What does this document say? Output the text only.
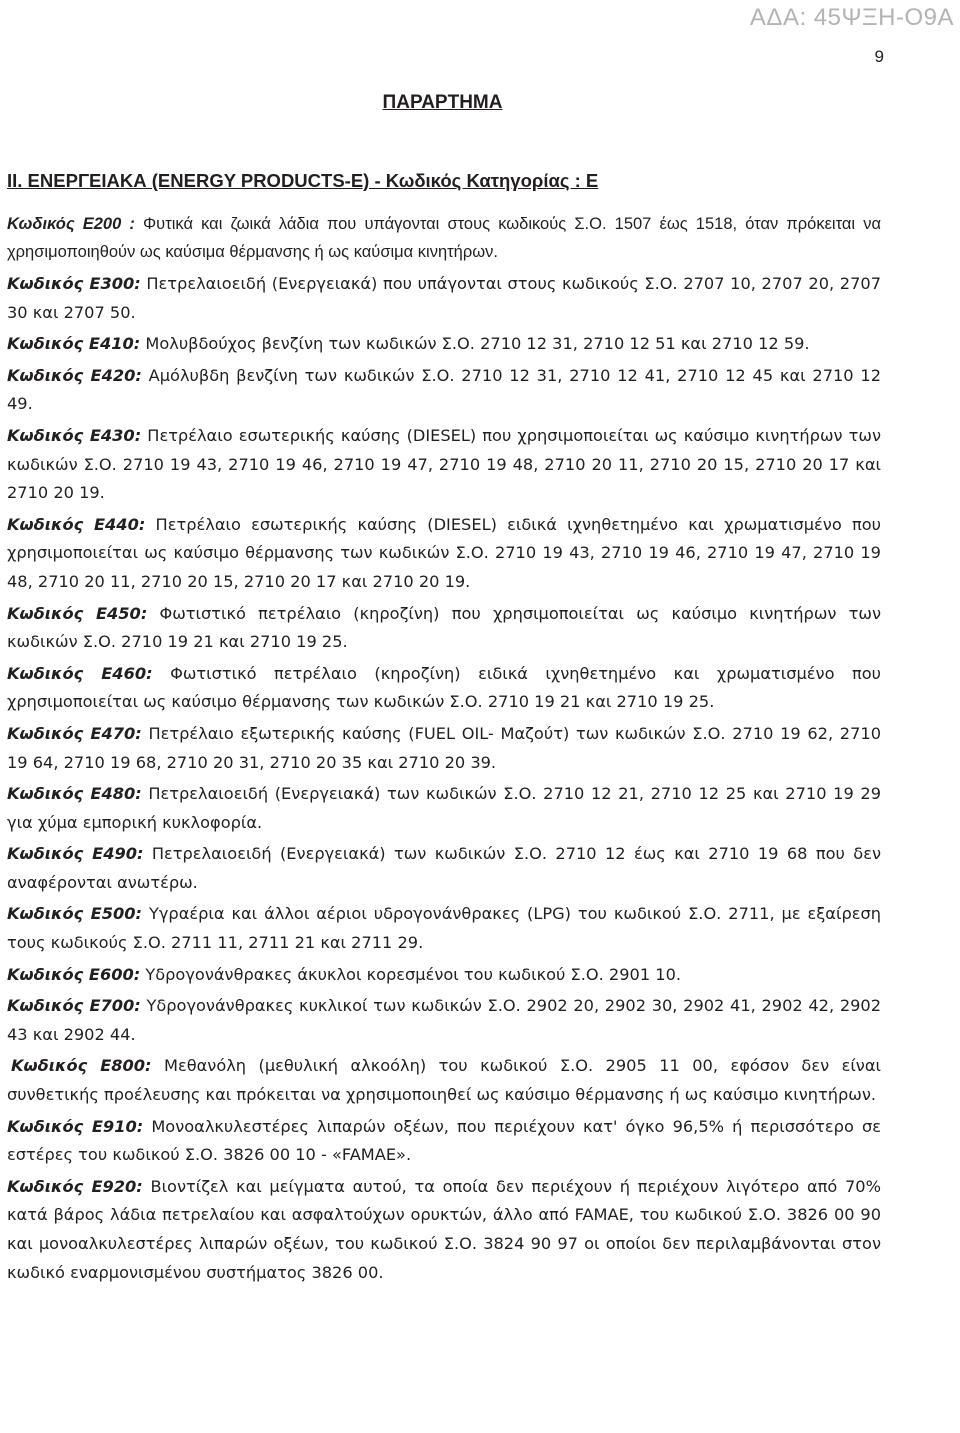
ΑΔΑ: 45ΨΞΗ-Ο9Α
9
ΠΑΡΑΡΤΗΜΑ
ΙΙ. ΕΝΕΡΓΕΙΑΚΑ (ENERGY PRODUCTS-E) - Κωδικός Κατηγορίας : Ε

Κωδικός Ε200 : Φυτικά και ζωικά λάδια που υπάγονται στους κωδικούς Σ.Ο. 1507 έως 1518, όταν πρόκειται να χρησιμοποιηθούν ως καύσιμα θέρμανσης ή ως καύσιμα κινητήρων.

Κωδικός Ε300: Πετρελαιοειδή (Ενεργειακά) που υπάγονται στους κωδικούς Σ.Ο. 2707 10, 2707 20, 2707 30 και 2707 50.

Κωδικός Ε410: Μολυβδούχος βενζίνη των κωδικών Σ.Ο. 2710 12 31, 2710 12 51 και 2710 12 59.

Κωδικός Ε420: Αμόλυβδη βενζίνη των κωδικών Σ.Ο. 2710 12 31, 2710 12 41, 2710 12 45 και 2710 12 49.

Κωδικός Ε430: Πετρέλαιο εσωτερικής καύσης (DIESEL) που χρησιμοποιείται ως καύσιμο κινητήρων των κωδικών Σ.Ο. 2710 19 43, 2710 19 46, 2710 19 47, 2710 19 48, 2710 20 11, 2710 20 15, 2710 20 17 και 2710 20 19.

Κωδικός Ε440: Πετρέλαιο εσωτερικής καύσης (DIESEL) ειδικά ιχνηθετημένο και χρωματισμένο που χρησιμοποιείται ως καύσιμο θέρμανσης των κωδικών Σ.Ο. 2710 19 43, 2710 19 46, 2710 19 47, 2710 19 48, 2710 20 11, 2710 20 15, 2710 20 17 και 2710 20 19.

Κωδικός Ε450: Φωτιστικό πετρέλαιο (κηροζίνη) που χρησιμοποιείται ως καύσιμο κινητήρων των κωδικών Σ.Ο. 2710 19 21 και 2710 19 25.

Κωδικός Ε460: Φωτιστικό πετρέλαιο (κηροζίνη) ειδικά ιχνηθετημένο και χρωματισμένο που χρησιμοποιείται ως καύσιμο θέρμανσης των κωδικών Σ.Ο. 2710 19 21 και 2710 19 25.

Κωδικός Ε470: Πετρέλαιο εξωτερικής καύσης (FUEL OIL- Μαζούτ) των κωδικών Σ.Ο. 2710 19 62, 2710 19 64, 2710 19 68, 2710 20 31, 2710 20 35 και 2710 20 39.

Κωδικός Ε480: Πετρελαιοειδή (Ενεργειακά) των κωδικών Σ.Ο. 2710 12 21, 2710 12 25 και 2710 19 29 για χύμα εμπορική κυκλοφορία.

Κωδικός Ε490: Πετρελαιοειδή (Ενεργειακά) των κωδικών Σ.Ο. 2710 12 έως και 2710 19 68 που δεν αναφέρονται ανωτέρω.

Κωδικός Ε500: Υγραέρια και άλλοι αέριοι υδρογονάνθρακες (LPG) του κωδικού Σ.Ο. 2711, με εξαίρεση τους κωδικούς Σ.Ο. 2711 11, 2711 21 και 2711 29.

Κωδικός Ε600: Υδρογονάνθρακες άκυκλοι κορεσμένοι του κωδικού Σ.Ο. 2901 10.

Κωδικός Ε700: Υδρογονάνθρακες κυκλικοί των κωδικών Σ.Ο. 2902 20, 2902 30, 2902 41, 2902 42, 2902 43 και 2902 44.

Κωδικός Ε800: Μεθανόλη (μεθυλική αλκοόλη) του κωδικού Σ.Ο. 2905 11 00, εφόσον δεν είναι συνθετικής προέλευσης και πρόκειται να χρησιμοποιηθεί ως καύσιμο θέρμανσης ή ως καύσιμο κινητήρων.

Κωδικός Ε910: Μονοαλκυλεστέρες λιπαρών οξέων, που περιέχουν κατ' όγκο 96,5% ή περισσότερο σε εστέρες του κωδικού Σ.Ο. 3826 00 10 - «FAMAE».

Κωδικός Ε920: Βιοντίζελ και μείγματα αυτού, τα οποία δεν περιέχουν ή περιέχουν λιγότερο από 70% κατά βάρος λάδια πετρελαίου και ασφαλτούχων ορυκτών, άλλο από FAMAE, του κωδικού Σ.Ο. 3826 00 90 και μονοαλκυλεστέρες λιπαρών οξέων, του κωδικού Σ.Ο. 3824 90 97 οι οποίοι δεν περιλαμβάνονται στον κωδικό εναρμονισμένου συστήματος 3826 00.
